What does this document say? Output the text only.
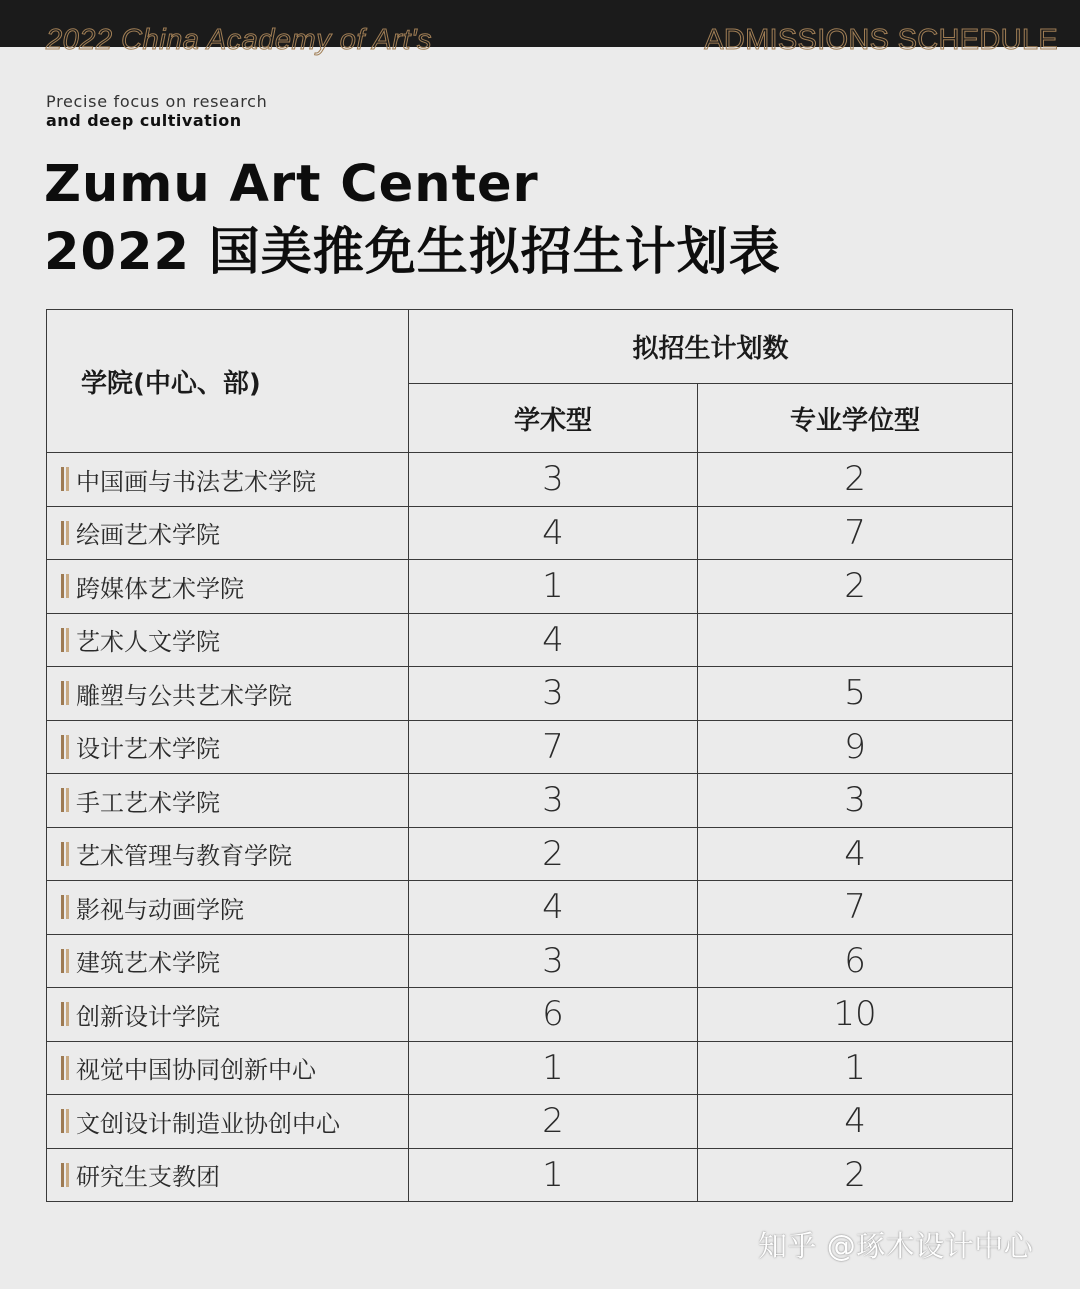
2022 China Academy of Art's	ADMISSIONS SCHEDULE
Precise focus on research
and deep cultivation
Zumu Art Center
2022 国美推免生拟招生计划表
学院(中心、部)	拟招生计划数	
	学术型	专业学位型

中国画与书法艺术学院	3	2

绘画艺术学院	4	7

跨媒体艺术学院	1	2

艺术人文学院	4	

雕塑与公共艺术学院	3	5

设计艺术学院	7	9

手工艺术学院	3	3

艺术管理与教育学院	2	4

影视与动画学院	4	7

建筑艺术学院	3	6

创新设计学院	6	10

视觉中国协同创新中心	1	1

文创设计制造业协创中心	2	4

研究生支教团	1	2
知乎 @琢木设计中心
